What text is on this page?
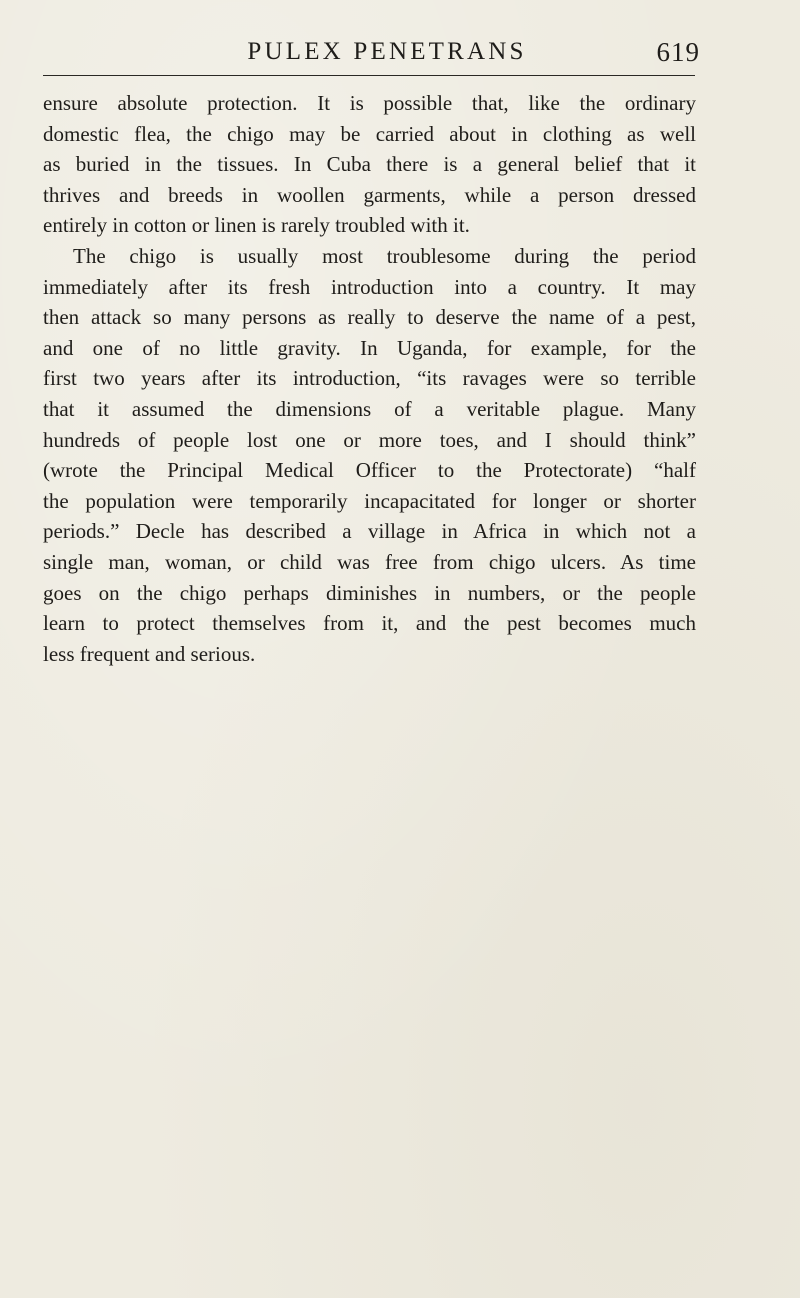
PULEX PENETRANS	619
ensure absolute protection. It is possible that, like the ordinary
domestic flea, the chigo may be carried about in clothing as well
as buried in the tissues. In Cuba there is a general belief that it
thrives and breeds in woollen garments, while a person dressed
entirely in cotton or linen is rarely troubled with it.
The chigo is usually most troublesome during the period
immediately after its fresh introduction into a country. It may
then attack so many persons as really to deserve the name of a pest,
and one of no little gravity. In Uganda, for example, for the
first two years after its introduction, “its ravages were so terrible
that it assumed the dimensions of a veritable plague. Many
hundreds of people lost one or more toes, and I should think”
(wrote the Principal Medical Officer to the Protectorate) “half
the population were temporarily incapacitated for longer or shorter
periods.” Decle has described a village in Africa in which not a
single man, woman, or child was free from chigo ulcers. As time
goes on the chigo perhaps diminishes in numbers, or the people
learn to protect themselves from it, and the pest becomes much
less frequent and serious.
